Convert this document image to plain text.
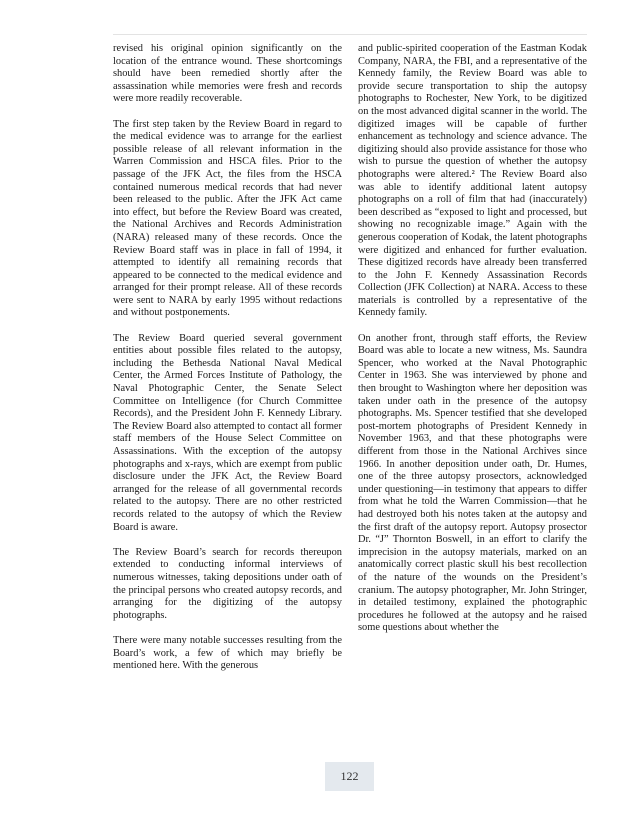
revised his original opinion significantly on the location of the entrance wound. These shortcomings should have been remedied shortly after the assassination while memories were fresh and records were more readily recoverable.

The first step taken by the Review Board in regard to the medical evidence was to arrange for the earliest possible release of all relevant information in the Warren Commission and HSCA files. Prior to the passage of the JFK Act, the files from the HSCA contained numerous medical records that had never been released to the public. After the JFK Act came into effect, but before the Review Board was created, the National Archives and Records Administration (NARA) released many of these records. Once the Review Board staff was in place in fall of 1994, it attempted to identify all remaining records that appeared to be connected to the medical evidence and arranged for their prompt release. All of these records were sent to NARA by early 1995 without redactions and without postponements.

The Review Board queried several government entities about possible files related to the autopsy, including the Bethesda National Naval Medical Center, the Armed Forces Institute of Pathology, the Naval Photographic Center, the Senate Select Committee on Intelligence (for Church Committee Records), and the President John F. Kennedy Library. The Review Board also attempted to contact all former staff members of the House Select Committee on Assassinations. With the exception of the autopsy photographs and x-rays, which are exempt from public disclosure under the JFK Act, the Review Board arranged for the release of all governmental records related to the autopsy. There are no other restricted records related to the autopsy of which the Review Board is aware.

The Review Board’s search for records thereupon extended to conducting informal interviews of numerous witnesses, taking depositions under oath of the principal persons who created autopsy records, and arranging for the digitizing of the autopsy photographs.

There were many notable successes resulting from the Board’s work, a few of which may briefly be mentioned here. With the generous

and public-spirited cooperation of the Eastman Kodak Company, NARA, the FBI, and a representative of the Kennedy family, the Review Board was able to provide secure transportation to ship the autopsy photographs to Rochester, New York, to be digitized on the most advanced digital scanner in the world. The digitized images will be capable of further enhancement as technology and science advance. The digitizing should also provide assistance for those who wish to pursue the question of whether the autopsy photographs were altered.² The Review Board also was able to identify additional latent autopsy photographs on a roll of film that had (inaccurately) been described as “exposed to light and processed, but showing no recognizable image.” Again with the generous cooperation of Kodak, the latent photographs were digitized and enhanced for further evaluation. These digitized records have already been transferred to the John F. Kennedy Assassination Records Collection (JFK Collection) at NARA. Access to these materials is controlled by a representative of the Kennedy family.

On another front, through staff efforts, the Review Board was able to locate a new witness, Ms. Saundra Spencer, who worked at the Naval Photographic Center in 1963. She was interviewed by phone and then brought to Washington where her deposition was taken under oath in the presence of the autopsy photographs. Ms. Spencer testified that she developed post-mortem photographs of President Kennedy in November 1963, and that these photographs were different from those in the National Archives since 1966. In another deposition under oath, Dr. Humes, one of the three autopsy prosectors, acknowledged under questioning—in testimony that appears to differ from what he told the Warren Commission—that he had destroyed both his notes taken at the autopsy and the first draft of the autopsy report. Autopsy prosector Dr. “J” Thornton Boswell, in an effort to clarify the imprecision in the autopsy materials, marked on an anatomically correct plastic skull his best recollection of the nature of the wounds on the President’s cranium. The autopsy photographer, Mr. John Stringer, in detailed testimony, explained the photographic procedures he followed at the autopsy and he raised some questions about whether the

122
